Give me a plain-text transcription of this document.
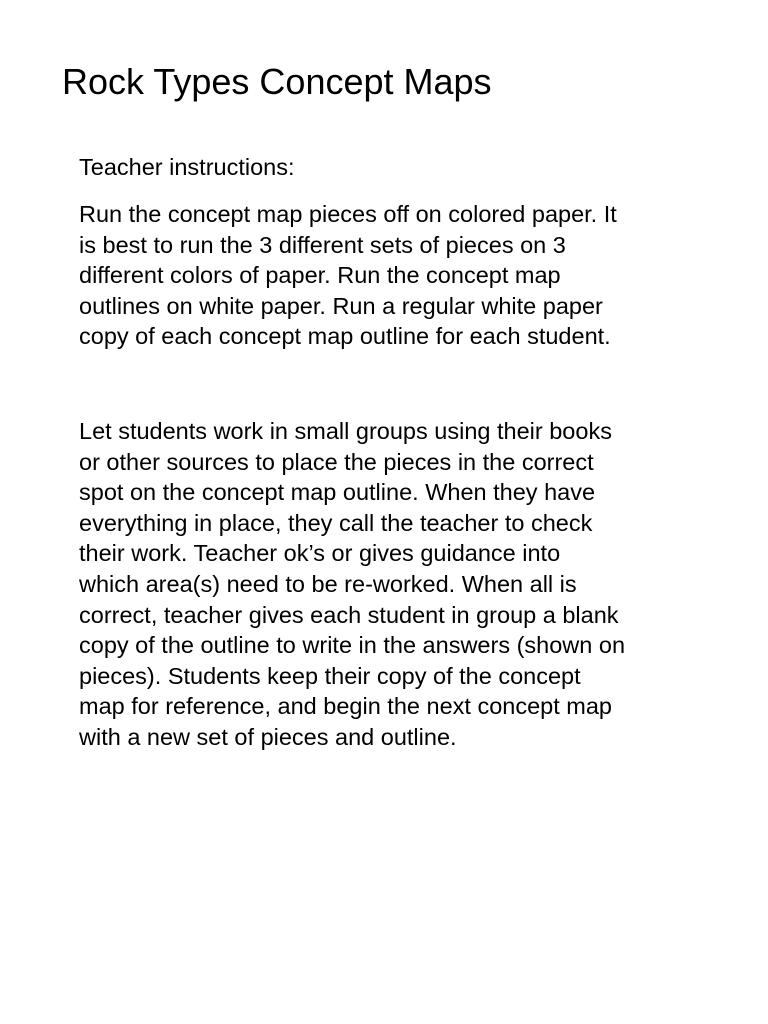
Rock Types Concept Maps

Teacher instructions:

Run the concept map pieces off on colored paper. It
is best to run the 3 different sets of pieces on 3
different colors of paper. Run the concept map
outlines on white paper. Run a regular white paper
copy of each concept map outline for each student.

Let students work in small groups using their books
or other sources to place the pieces in the correct
spot on the concept map outline. When they have
everything in place, they call the teacher to check
their work. Teacher ok’s or gives guidance into
which area(s) need to be re-worked. When all is
correct, teacher gives each student in group a blank
copy of the outline to write in the answers (shown on
pieces). Students keep their copy of the concept
map for reference, and begin the next concept map
with a new set of pieces and outline.
